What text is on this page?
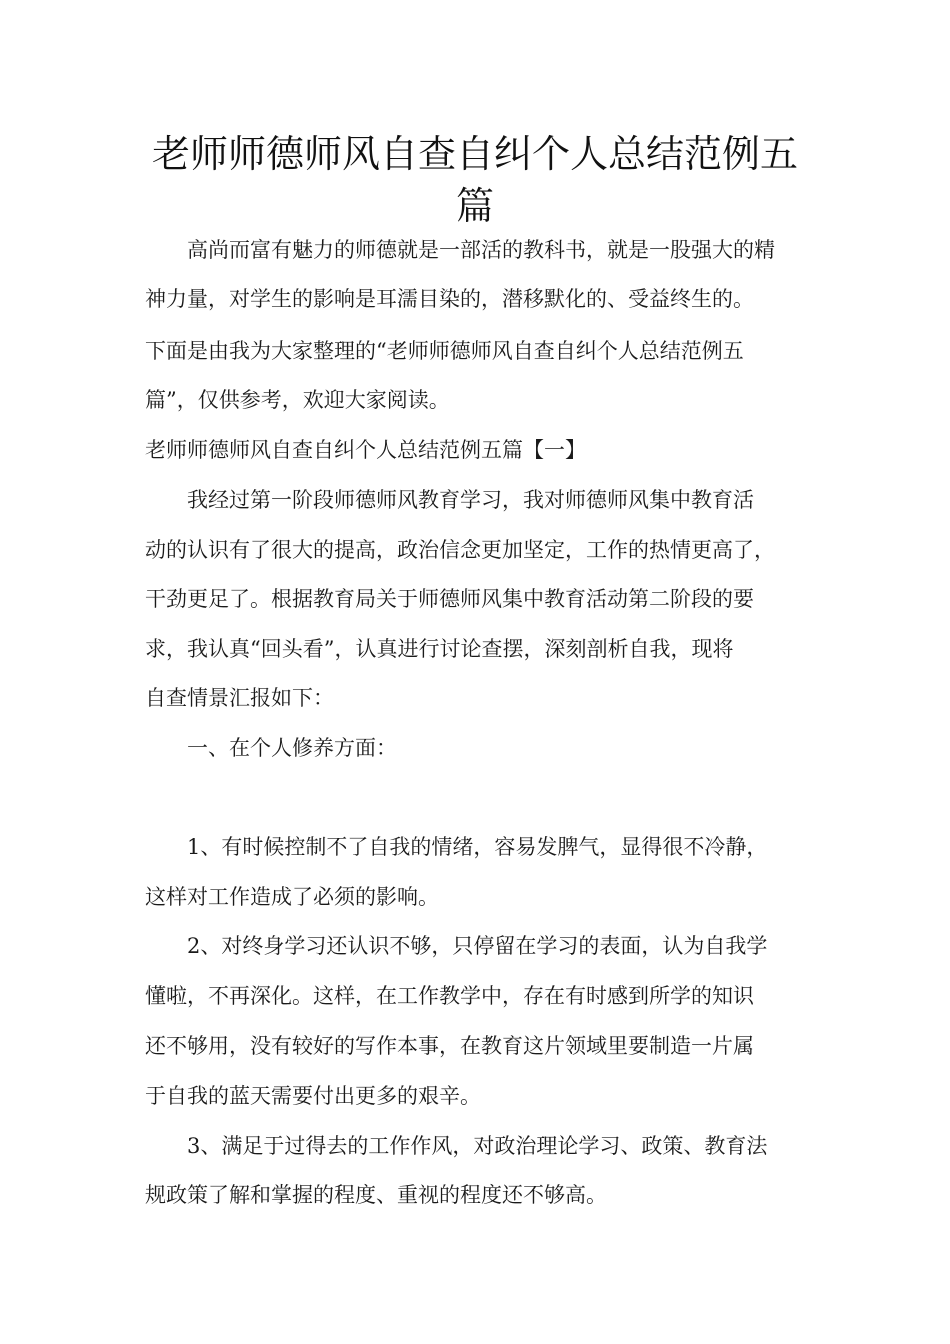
老师师德师风自查自纠个人总结范例五
篇

高尚而富有魅力的师德就是一部活的教科书，就是一股强大的精

神力量，对学生的影响是耳濡目染的，潜移默化的、受益终生的。

下面是由我为大家整理的“老师师德师风自查自纠个人总结范例五

篇”，仅供参考，欢迎大家阅读。

老师师德师风自查自纠个人总结范例五篇【一】

我经过第一阶段师德师风教育学习，我对师德师风集中教育活

动的认识有了很大的提高，政治信念更加坚定，工作的热情更高了，

干劲更足了。根据教育局关于师德师风集中教育活动第二阶段的要

求，我认真“回头看”，认真进行讨论查摆，深刻剖析自我，现将

自查情景汇报如下：

一、在个人修养方面：

1、有时候控制不了自我的情绪，容易发脾气，显得很不冷静，

这样对工作造成了必须的影响。

2、对终身学习还认识不够，只停留在学习的表面，认为自我学

懂啦，不再深化。这样，在工作教学中，存在有时感到所学的知识

还不够用，没有较好的写作本事，在教育这片领域里要制造一片属

于自我的蓝天需要付出更多的艰辛。

3、满足于过得去的工作作风，对政治理论学习、政策、教育法

规政策了解和掌握的程度、重视的程度还不够高。
